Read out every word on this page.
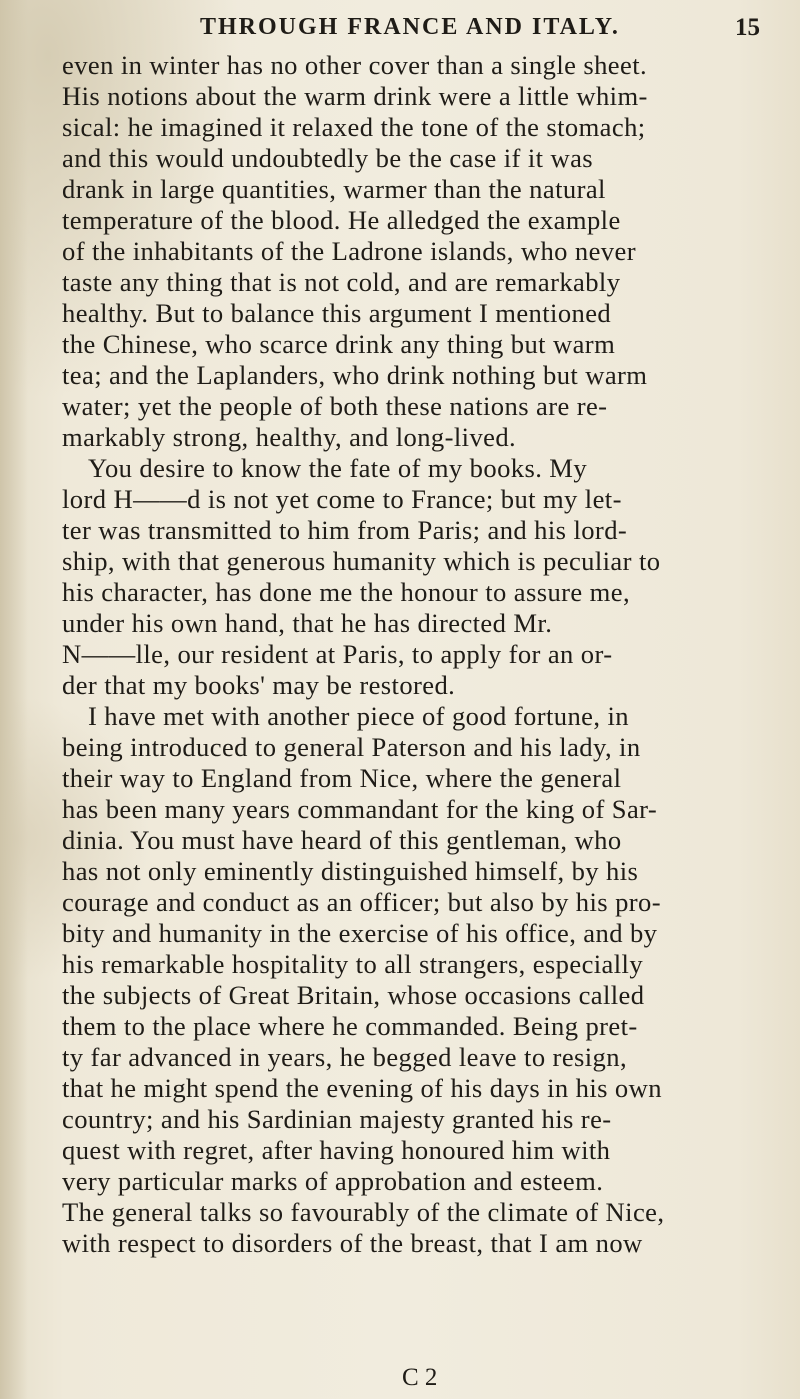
THROUGH FRANCE AND ITALY.	15
even in winter has no other cover than a single sheet.
His notions about the warm drink were a little whim-
sical: he imagined it relaxed the tone of the stomach;
and this would undoubtedly be the case if it was
drank in large quantities, warmer than the natural
temperature of the blood. He alledged the example
of the inhabitants of the Ladrone islands, who never
taste any thing that is not cold, and are remarkably
healthy. But to balance this argument I mentioned
the Chinese, who scarce drink any thing but warm
tea; and the Laplanders, who drink nothing but warm
water; yet the people of both these nations are re-
markably strong, healthy, and long-lived.
You desire to know the fate of my books. My
lord H——d is not yet come to France; but my let-
ter was transmitted to him from Paris; and his lord-
ship, with that generous humanity which is peculiar to
his character, has done me the honour to assure me,
under his own hand, that he has directed Mr.
N——lle, our resident at Paris, to apply for an or-
der that my books' may be restored.
I have met with another piece of good fortune, in
being introduced to general Paterson and his lady, in
their way to England from Nice, where the general
has been many years commandant for the king of Sar-
dinia. You must have heard of this gentleman, who
has not only eminently distinguished himself, by his
courage and conduct as an officer; but also by his pro-
bity and humanity in the exercise of his office, and by
his remarkable hospitality to all strangers, especially
the subjects of Great Britain, whose occasions called
them to the place where he commanded. Being pret-
ty far advanced in years, he begged leave to resign,
that he might spend the evening of his days in his own
country; and his Sardinian majesty granted his re-
quest with regret, after having honoured him with
very particular marks of approbation and esteem.
The general talks so favourably of the climate of Nice,
with respect to disorders of the breast, that I am now
C 2
